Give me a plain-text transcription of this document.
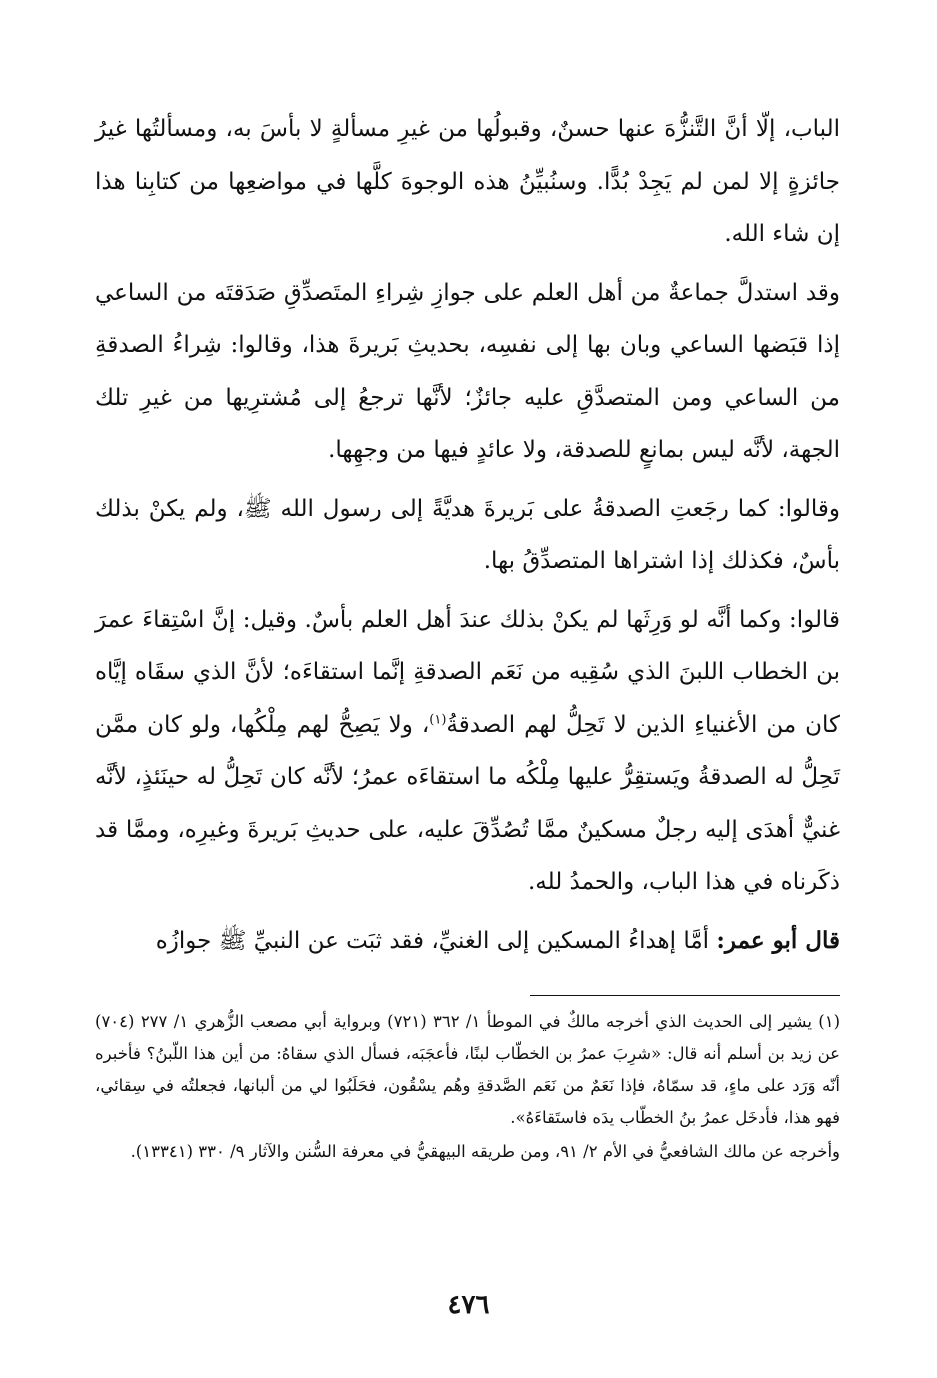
الباب، إلّا أنَّ التَّنزُّهَ عنها حسنٌ، وقبولُها من غيرِ مسألةٍ لا بأسَ به، ومسألتُها غيرُ جائزةٍ إلا لمن لم يَجِدْ بُدًّا. وسنُبيِّنُ هذه الوجوهَ كلَّها في مواضعِها من كتابِنا هذا إن شاء الله.

وقد استدلَّ جماعةٌ من أهل العلم على جوازِ شِراءِ المتَصدِّقِ صَدَقتَه من الساعي إذا قبَضها الساعي وبان بها إلى نفسِه، بحديثِ بَريرةَ هذا، وقالوا: شِراءُ الصدقةِ من الساعي ومن المتصدَّقِ عليه جائزٌ؛ لأنَّها ترجعُ إلى مُشترِيها من غيرِ تلك الجهة، لأنَّه ليس بمانعٍ للصدقة، ولا عائدٍ فيها من وجهِها.

وقالوا: كما رجَعتِ الصدقةُ على بَريرةَ هديَّةً إلى رسول الله ﷺ، ولم يكنْ بذلك بأسٌ، فكذلك إذا اشتراها المتصدِّقُ بها.

قالوا: وكما أنَّه لو وَرِثَها لم يكنْ بذلك عندَ أهل العلم بأسٌ. وقيل: إنَّ اسْتِقاءَ عمرَ بن الخطاب اللبنَ الذي سُقِيه من نَعَم الصدقةِ إنَّما استقاءَه؛ لأنَّ الذي سقَاه إيَّاه كان من الأغنياءِ الذين لا تَحِلُّ لهم الصدقةُ$^{(١)}$، ولا يَصِحُّ لهم مِلْكُها، ولو كان ممَّن تَحِلُّ له الصدقةُ ويَستقِرُّ عليها مِلْكُه ما استقاءَه عمرُ؛ لأنَّه كان تَحِلُّ له حينَئذٍ، لأنَّه غنيٌّ أهدَى إليه رجلٌ مسكينٌ ممَّا تُصُدِّقَ عليه، على حديثِ بَريرةَ وغيرِه، وممَّا قد ذكَرناه في هذا الباب، والحمدُ لله.

قال أبو عمر: أمَّا إهداءُ المسكين إلى الغنيِّ، فقد ثبَت عن النبيِّ ﷺ جوازُه

(١) يشير إلى الحديث الذي أخرجه مالكٌ في الموطأ ١/ ٣٦٢ (٧٢١) وبرواية أبي مصعب الزُّهري ١/ ٢٧٧ (٧٠٤) عن زيد بن أسلم أنه قال: «شرِبَ عمرُ بن الخطّاب لبنًا، فأعجَبَه، فسأل الذي سقاهُ: من أين هذا اللّبنُ؟ فأخبره أنّه وَرَد على ماءٍ، قد سمّاهُ، فإذا نَعَمٌ من نَعَم الصَّدقةِ وهُم يسْقُون، فحَلَبُوا لي من ألبانها، فجعلتُه في سِقائي، فهو هذا، فأدخَل عمرُ بنُ الخطّاب يدَه فاستَقاءَهُ».

وأخرجه عن مالك الشافعيُّ في الأم ٢/ ٩١، ومن طريقه البيهقيُّ في معرفة السُّنن والآثار ٩/ ٣٣٠ (١٣٣٤١).

٤٧٦
